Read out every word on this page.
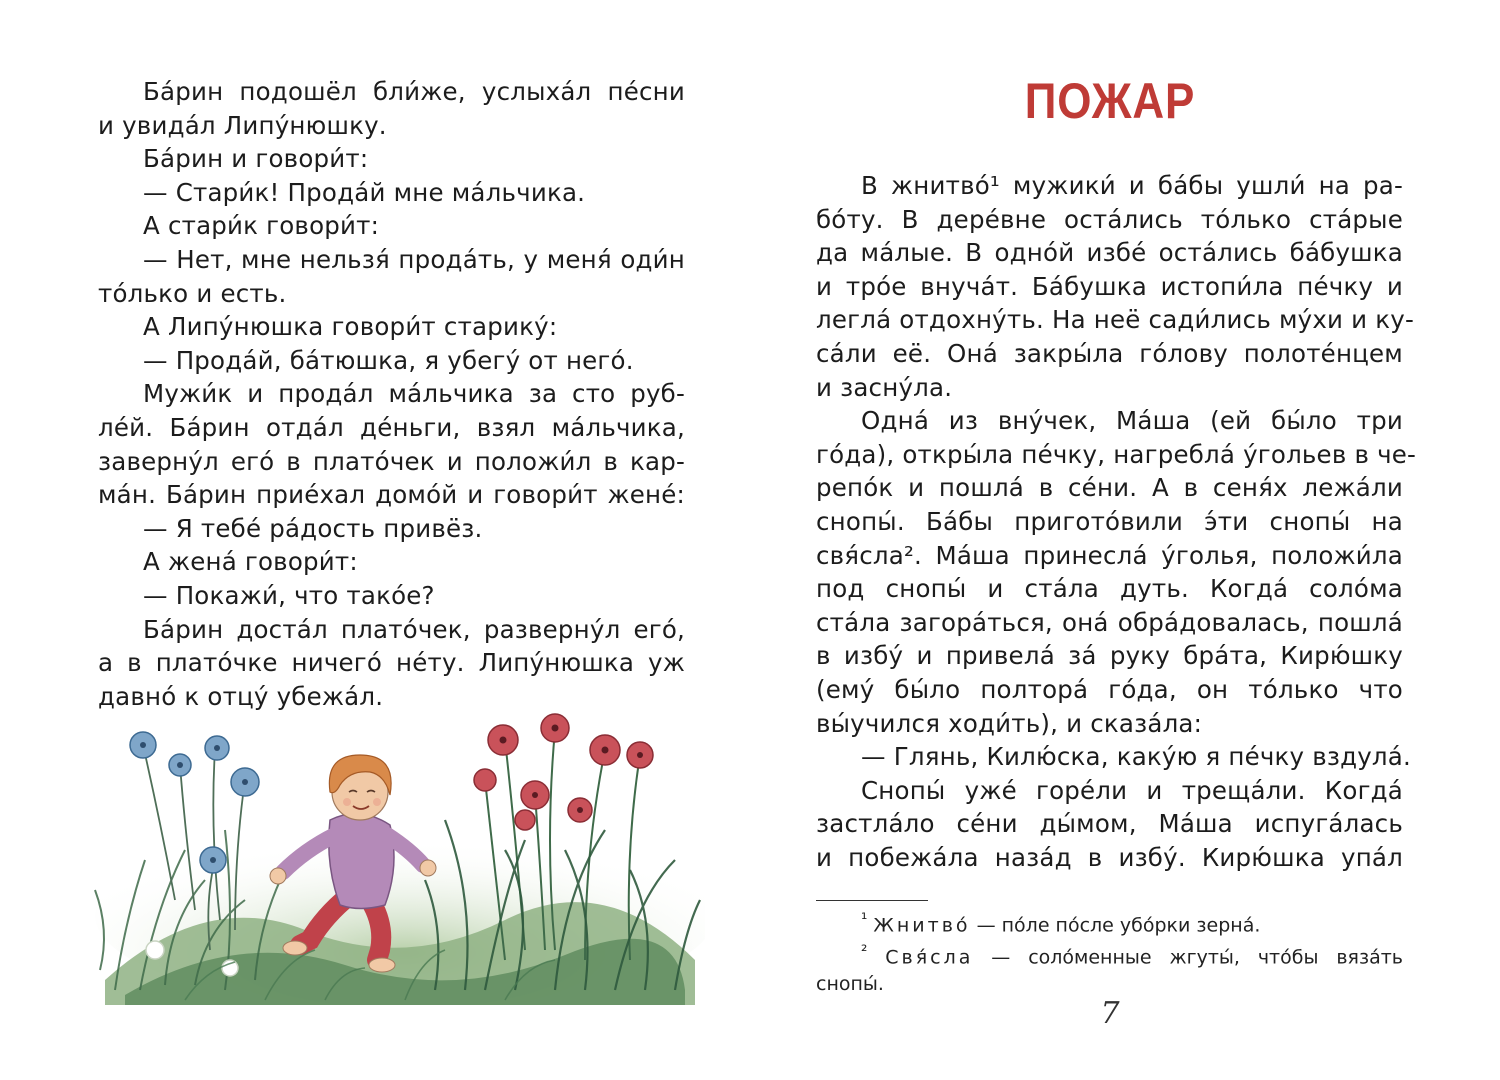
Ба́рин подошёл бли́же, услыха́л пе́сни
и увида́л Липу́нюшку.
Ба́рин и говори́т:
— Стари́к! Прода́й мне ма́льчика.
А стари́к говори́т:
— Нет, мне нельзя́ прода́ть, у меня́ оди́н
то́лько и есть.
А Липу́нюшка говори́т старику́:
— Прода́й, ба́тюшка, я убегу́ от него́.
Мужи́к и прода́л ма́льчика за сто руб-
ле́й. Ба́рин отда́л де́ньги, взял ма́льчика,
заверну́л его́ в плато́чек и положи́л в кар-
ма́н. Ба́рин прие́хал домо́й и говори́т жене́:
— Я тебе́ ра́дость привёз.
А жена́ говори́т:
— Покажи́, что тако́е?
Ба́рин доста́л плато́чек, разверну́л его́,
а в плато́чке ничего́ не́ту. Липу́нюшка уж
давно́ к отцу́ убежа́л.
ПОЖАР
В жнитво́¹ мужики́ и ба́бы ушли́ на ра-
бо́ту. В дере́вне оста́лись то́лько ста́рые
да ма́лые. В одно́й избе́ оста́лись ба́бушка
и тро́е внуча́т. Ба́бушка истопи́ла пе́чку и
легла́ отдохну́ть. На неё сади́лись му́хи и ку-
са́ли её. Она́ закры́ла го́лову полоте́нцем
и засну́ла.
Одна́ из вну́чек, Ма́ша (ей бы́ло три
го́да), откры́ла пе́чку, нагребла́ у́гольев в че-
репо́к и пошла́ в се́ни. А в сеня́х лежа́ли
снопы́. Ба́бы пригото́вили э́ти снопы́ на
свя́сла². Ма́ша принесла́ у́голья, положи́ла
под снопы́ и ста́ла дуть. Когда́ соло́ма
ста́ла загора́ться, она́ обра́довалась, пошла́
в избу́ и привела́ за́ руку бра́та, Кирю́шку
(ему́ бы́ло полтора́ го́да, он то́лько что
вы́учился ходи́ть), и сказа́ла:
— Глянь, Килю́ска, каку́ю я пе́чку вздула́.
Снопы́ уже́ горе́ли и треща́ли. Когда́
застла́ло се́ни ды́мом, Ма́ша испуга́лась
и побежа́ла наза́д в избу́. Кирю́шка упа́л
$^{^1}$ Жнитво́ — по́ле по́сле убо́рки зерна́.
$^{^2}$ Свя́сла — соло́менные жгуты́, что́бы вяза́ть
снопы́.
7
